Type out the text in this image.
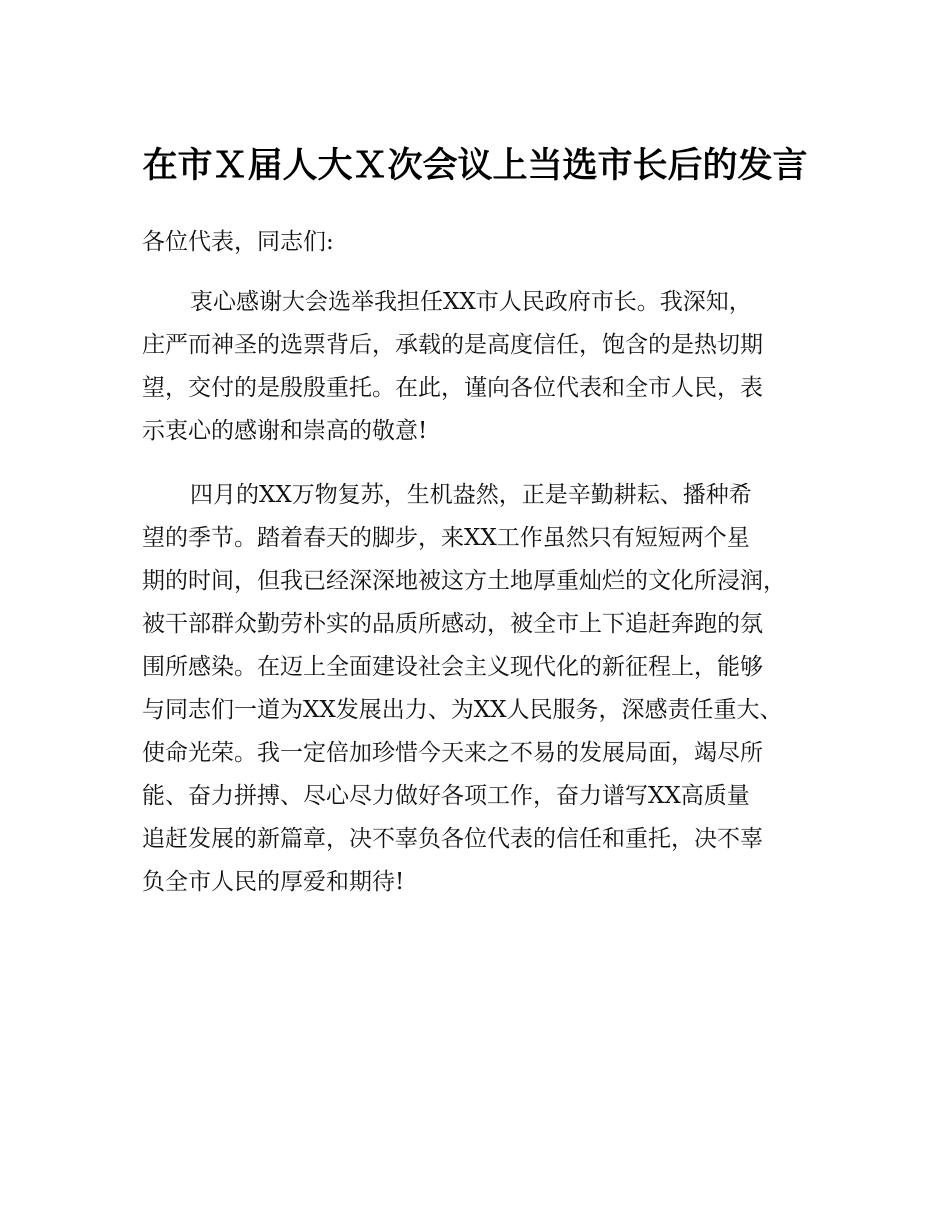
在市Ｘ届人大Ｘ次会议上当选市长后的发言

各位代表，同志们:

衷心感谢大会选举我担任XX市人民政府市长。我深知，
庄严而神圣的选票背后，承载的是高度信任，饱含的是热切期
望，交付的是殷殷重托。在此，谨向各位代表和全市人民，表
示衷心的感谢和崇高的敬意!

四月的XX万物复苏，生机盎然，正是辛勤耕耘、播种希
望的季节。踏着春天的脚步，来XX工作虽然只有短短两个星
期的时间，但我已经深深地被这方土地厚重灿烂的文化所浸润，
被干部群众勤劳朴实的品质所感动，被全市上下追赶奔跑的氛
围所感染。在迈上全面建设社会主义现代化的新征程上，能够
与同志们一道为XX发展出力、为XX人民服务，深感责任重大、
使命光荣。我一定倍加珍惜今天来之不易的发展局面，竭尽所
能、奋力拼搏、尽心尽力做好各项工作，奋力谱写XX高质量
追赶发展的新篇章，决不辜负各位代表的信任和重托，决不辜
负全市人民的厚爱和期待!
